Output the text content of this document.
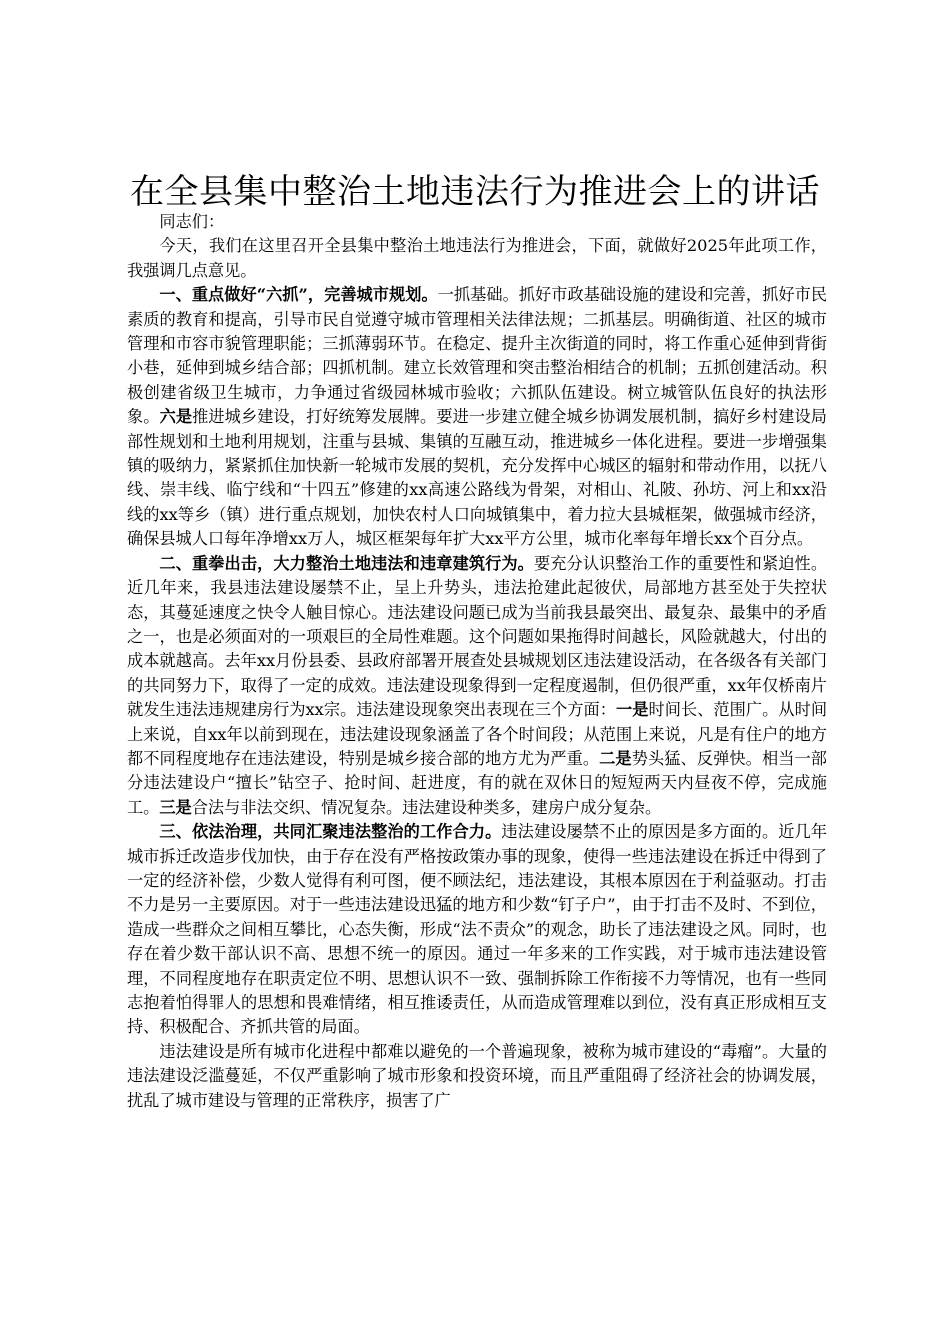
在全县集中整治土地违法行为推进会上的讲话

同志们：

今天，我们在这里召开全县集中整治土地违法行为推进会，下面，就做好2025年此项工作，我强调几点意见。

一、重点做好“六抓”，完善城市规划。一抓基础。抓好市政基础设施的建设和完善，抓好市民素质的教育和提高，引导市民自觉遵守城市管理相关法律法规；二抓基层。明确街道、社区的城市管理和市容市貌管理职能；三抓薄弱环节。在稳定、提升主次街道的同时，将工作重心延伸到背街小巷，延伸到城乡结合部；四抓机制。建立长效管理和突击整治相结合的机制；五抓创建活动。积极创建省级卫生城市，力争通过省级园林城市验收；六抓队伍建设。树立城管队伍良好的执法形象。六是推进城乡建设，打好统筹发展牌。要进一步建立健全城乡协调发展机制，搞好乡村建设局部性规划和土地利用规划，注重与县城、集镇的互融互动，推进城乡一体化进程。要进一步增强集镇的吸纳力，紧紧抓住加快新一轮城市发展的契机，充分发挥中心城区的辐射和带动作用，以抚八线、崇丰线、临宁线和“十四五”修建的xx高速公路线为骨架，对相山、礼陂、孙坊、河上和xx沿线的xx等乡（镇）进行重点规划，加快农村人口向城镇集中，着力拉大县城框架，做强城市经济，确保县城人口每年净增xx万人，城区框架每年扩大xx平方公里，城市化率每年增长xx个百分点。

二、重拳出击，大力整治土地违法和违章建筑行为。要充分认识整治工作的重要性和紧迫性。近几年来，我县违法建设屡禁不止，呈上升势头，违法抢建此起彼伏，局部地方甚至处于失控状态，其蔓延速度之快令人触目惊心。违法建设问题已成为当前我县最突出、最复杂、最集中的矛盾之一，也是必须面对的一项艰巨的全局性难题。这个问题如果拖得时间越长，风险就越大，付出的成本就越高。去年xx月份县委、县政府部署开展查处县城规划区违法建设活动，在各级各有关部门的共同努力下，取得了一定的成效。违法建设现象得到一定程度遏制，但仍很严重，xx年仅桥南片就发生违法违规建房行为xx宗。违法建设现象突出表现在三个方面：一是时间长、范围广。从时间上来说，自xx年以前到现在，违法建设现象涵盖了各个时间段；从范围上来说，凡是有住户的地方都不同程度地存在违法建设，特别是城乡接合部的地方尤为严重。二是势头猛、反弹快。相当一部分违法建设户“擅长”钻空子、抢时间、赶进度，有的就在双休日的短短两天内昼夜不停，完成施工。三是合法与非法交织、情况复杂。违法建设种类多，建房户成分复杂。

三、依法治理，共同汇聚违法整治的工作合力。违法建设屡禁不止的原因是多方面的。近几年城市拆迁改造步伐加快，由于存在没有严格按政策办事的现象，使得一些违法建设在拆迁中得到了一定的经济补偿，少数人觉得有利可图，便不顾法纪，违法建设，其根本原因在于利益驱动。打击不力是另一主要原因。对于一些违法建设迅猛的地方和少数“钉子户”，由于打击不及时、不到位，造成一些群众之间相互攀比，心态失衡，形成“法不责众”的观念，助长了违法建设之风。同时，也存在着少数干部认识不高、思想不统一的原因。通过一年多来的工作实践，对于城市违法建设管理，不同程度地存在职责定位不明、思想认识不一致、强制拆除工作衔接不力等情况，也有一些同志抱着怕得罪人的思想和畏难情绪，相互推诿责任，从而造成管理难以到位，没有真正形成相互支持、积极配合、齐抓共管的局面。

违法建设是所有城市化进程中都难以避免的一个普遍现象，被称为城市建设的“毒瘤”。大量的违法建设泛滥蔓延，不仅严重影响了城市形象和投资环境，而且严重阻碍了经济社会的协调发展，扰乱了城市建设与管理的正常秩序，损害了广
